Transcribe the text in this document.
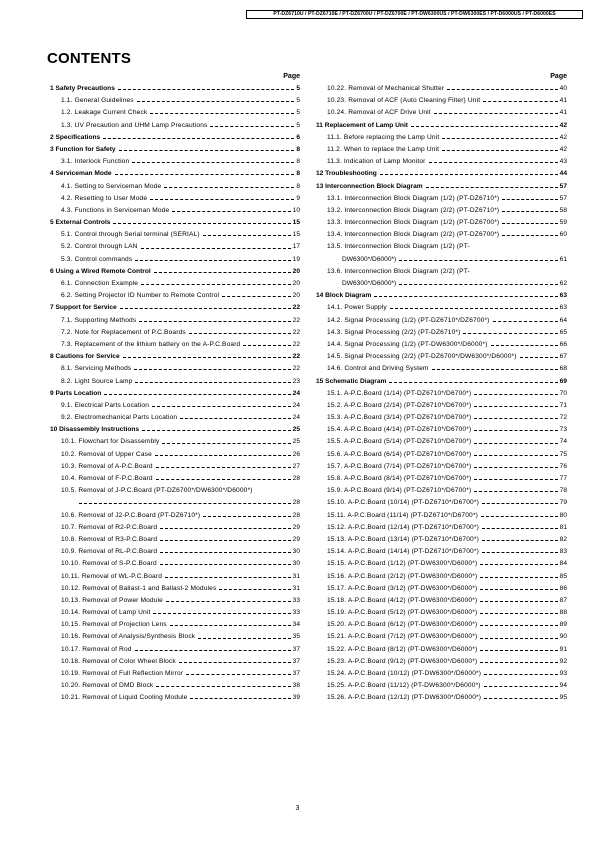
PT-DZ6710U / PT-DZ6710E / PT-DZ6700U / PT-DZ6700E / PT-DW6300US / PT-DW6300ES / PT-D6000US / PT-D6000ES
CONTENTS
Page
1 Safety Precautions	5
1.1. General Guidelines	5
1.2. Leakage Current Check	5
1.3. UV Precaution and UHM Lamp Precautions	5
2 Specifications	6
3 Function for Safety	8
3.1. Interlock Function	8
4 Serviceman Mode	8
4.1. Setting to Serviceman Mode	8
4.2. Resetting to User Mode	9
4.3. Functions in Serviceman Mode	10
5 External Controls	15
5.1. Control through Serial terminal (SERIAL)	15
5.2. Control through LAN	17
5.3. Control commands	19
6 Using a Wired Remote Control	20
6.1. Connection Example	20
6.2. Setting Projector ID Number to Remote Control	20
7 Support for Service	22
7.1. Supporting Methods	22
7.2. Note for Replacement of P.C.Boards	22
7.3. Replacement of the lithium battery on the A-P.C.Board	22
8 Cautions for Service	22
8.1. Servicing Methods	22
8.2. Light Source Lamp	23
9 Parts Location	24
9.1. Electrical Parts Location	24
9.2. Electromechanical Parts Location	24
10 Disassembly Instructions	25
10.1. Flowchart for Disassembly	25
10.2. Removal of Upper Case	26
10.3. Removal of A-P.C.Board	27
10.4. Removal of F-P.C.Board	28
10.5. Removal of J-P.C.Board (PT-DZ6700*/DW6300*/D6000*)
28
10.6. Removal of J2-P.C.Board (PT-DZ6710*)	28
10.7. Removal of R2-P.C.Board	29
10.8. Removal of R3-P.C.Board	29
10.9. Removal of RL-P.C.Board	30
10.10. Removal of S-P.C.Board	30
10.11. Removal of WL-P.C.Board	31
10.12. Removal of Ballast-1 and Ballast-2 Modules	31
10.13. Removal of Power Module	33
10.14. Removal of Lamp Unit	33
10.15. Removal of Projection Lens	34
10.16. Removal of Analysis/Synthesis Block	35
10.17. Removal of Rod	37
10.18. Removal of Color Wheel Block	37
10.19. Removal of Full Reflection Mirror	37
10.20. Removal of DMD Block	38
10.21. Removal of Liquid Cooling Module	39
Page
10.22. Removal of Mechanical Shutter	40
10.23. Removal of ACF (Auto Cleaning Filter) Unit	41
10.24. Removal of ACF Drive Unit	41
11 Replacement of Lamp Unit	42
11.1. Before replacing the Lamp Unit	42
11.2. When to replace the Lamp Unit	42
11.3. Indication of Lamp Monitor	43
12 Troubleshooting	44
13 Interconnection Block Diagram	57
13.1. Interconnection Block Diagram (1/2) (PT-DZ6710*)	57
13.2. Interconnection Block Diagram (2/2) (PT-DZ6710*)	58
13.3. Interconnection Block Diagram (1/2) (PT-DZ6700*)	59
13.4. Interconnection Block Diagram (2/2) (PT-DZ6700*)	60
13.5. Interconnection Block Diagram (1/2) (PT-
DW6300*/D6000*)	61
13.6. Interconnection Block Diagram (2/2) (PT-
DW6300*/D6000*)	62
14 Block Diagram	63
14.1. Power Supply	63
14.2. Signal Processing (1/2) (PT-DZ6710*/DZ6700*)	64
14.3. Signal Processing (2/2) (PT-DZ6710*)	65
14.4. Signal Processing (1/2) (PT-DW6300*/D6000*)	66
14.5. Signal Processing (2/2) (PT-DZ6700*/DW6300*/D6000*)	67
14.6. Control and Driving System	68
15 Schematic Diagram	69
15.1. A-P.C.Board (1/14) (PT-DZ6710*/D6700*)	70
15.2. A-P.C.Board (2/14) (PT-DZ6710*/D6700*)	71
15.3. A-P.C.Board (3/14) (PT-DZ6710*/D6700*)	72
15.4. A-P.C.Board (4/14) (PT-DZ6710*/D6700*)	73
15.5. A-P.C.Board (5/14) (PT-DZ6710*/D6700*)	74
15.6. A-P.C.Board (6/14) (PT-DZ6710*/D6700*)	75
15.7. A-P.C.Board (7/14) (PT-DZ6710*/D6700*)	76
15.8. A-P.C.Board (8/14) (PT-DZ6710*/D6700*)	77
15.9. A-P.C.Board (9/14) (PT-DZ6710*/D6700*)	78
15.10. A-P.C.Board (10/14) (PT-DZ6710*/D6700*)	79
15.11. A-P.C.Board (11/14) (PT-DZ6710*/D6700*)	80
15.12. A-P.C.Board (12/14) (PT-DZ6710*/D6700*)	81
15.13. A-P.C.Board (13/14) (PT-DZ6710*/D6700*)	82
15.14. A-P.C.Board (14/14) (PT-DZ6710*/D6700*)	83
15.15. A-P.C.Board (1/12) (PT-DW6300*/D6000*)	84
15.16. A-P.C.Board (2/12) (PT-DW6300*/D6000*)	85
15.17. A-P.C.Board (3/12) (PT-DW6300*/D6000*)	86
15.18. A-P.C.Board (4/12) (PT-DW6300*/D6000*)	87
15.19. A-P.C.Board (5/12) (PT-DW6300*/D6000*)	88
15.20. A-P.C.Board (6/12) (PT-DW6300*/D6000*)	89
15.21. A-P.C.Board (7/12) (PT-DW6300*/D6000*)	90
15.22. A-P.C.Board (8/12) (PT-DW6300*/D6000*)	91
15.23. A-P.C.Board (9/12) (PT-DW6300*/D6000*)	92
15.24. A-P.C.Board (10/12) (PT-DW6300*/D6000*)	93
15.25. A-P.C.Board (11/12) (PT-DW6300*/D6000*)	94
15.26. A-P.C.Board (12/12) (PT-DW6300*/D6000*)	95
3
